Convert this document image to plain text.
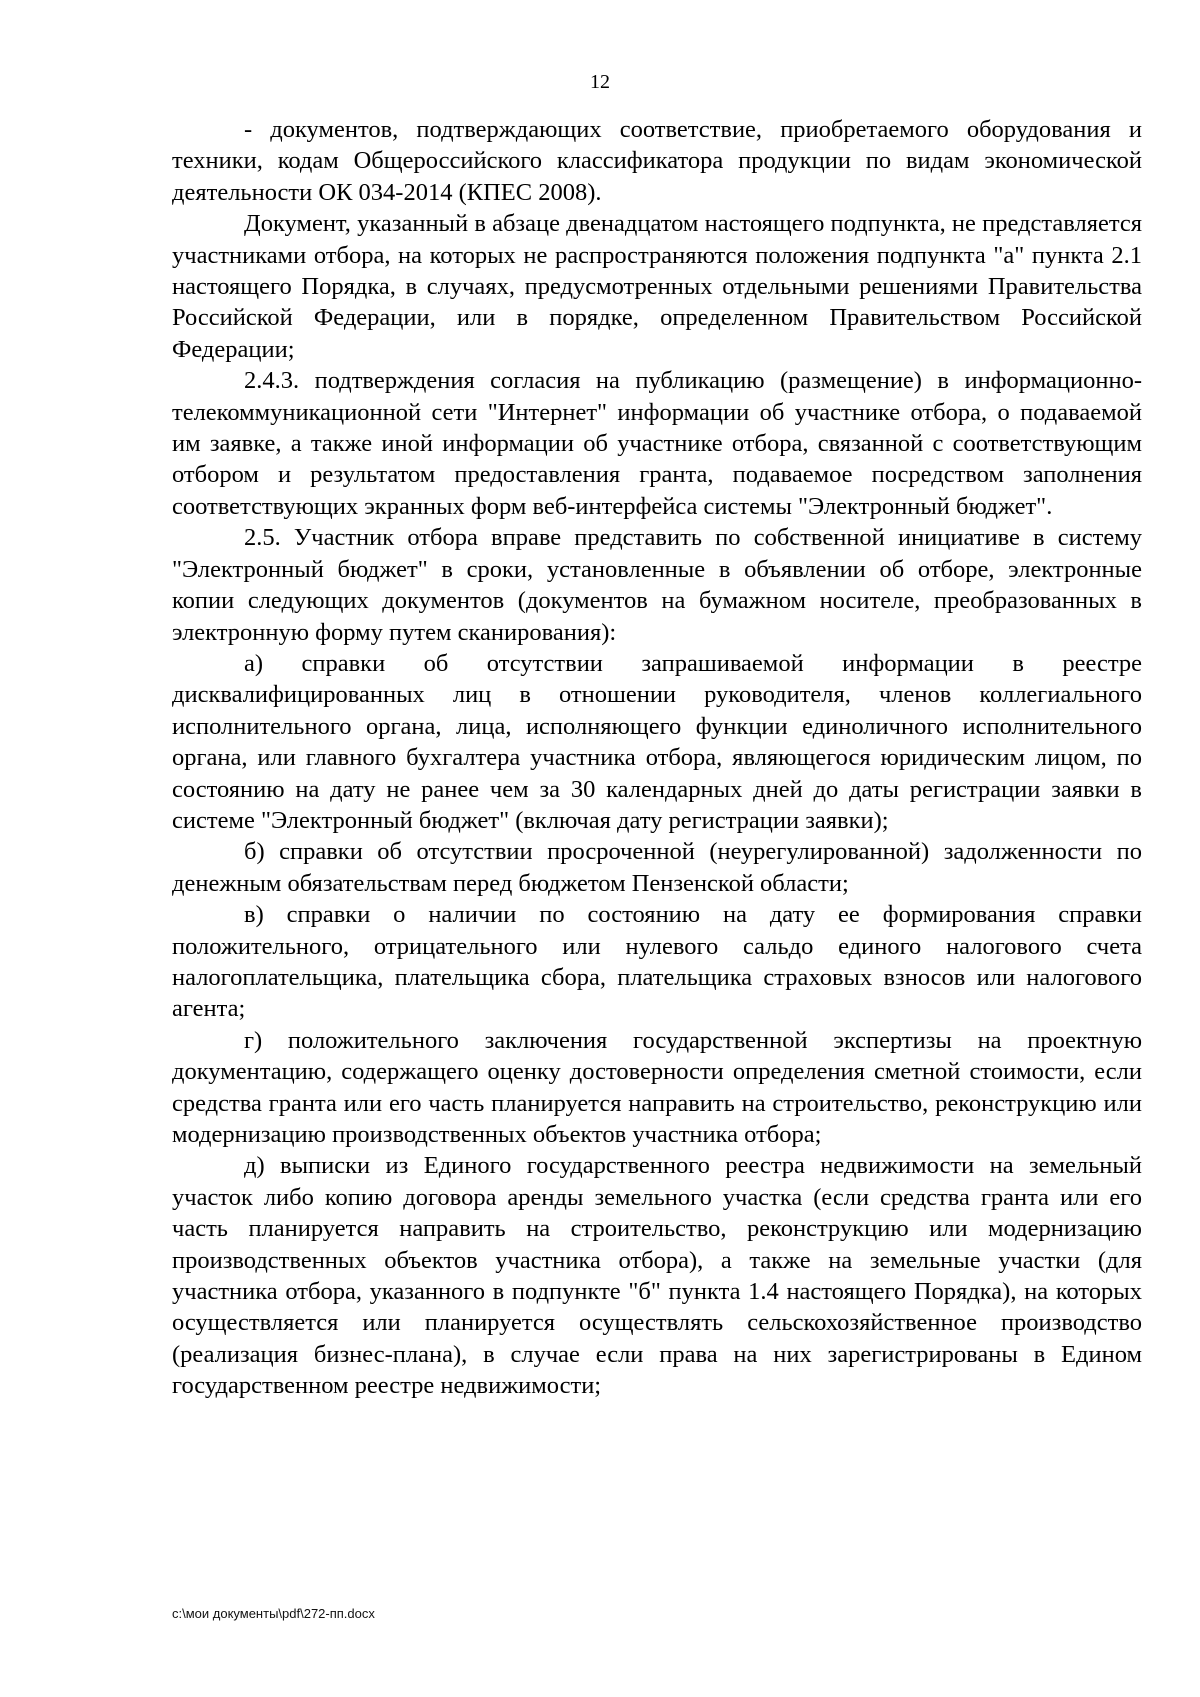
12

- документов, подтверждающих соответствие, приобретаемого оборудования и техники, кодам Общероссийского классификатора продукции по видам экономической деятельности ОК 034-2014 (КПЕС 2008).

Документ, указанный в абзаце двенадцатом настоящего подпункта, не представляется участниками отбора, на которых не распространяются положения подпункта "а" пункта 2.1 настоящего Порядка, в случаях, предусмотренных отдельными решениями Правительства Российской Федерации, или в порядке, определенном Правительством Российской Федерации;

2.4.3. подтверждения согласия на публикацию (размещение) в информационно-телекоммуникационной сети "Интернет" информации об участнике отбора, о подаваемой им заявке, а также иной информации об участнике отбора, связанной с соответствующим отбором и результатом предоставления гранта, подаваемое посредством заполнения соответствующих экранных форм веб-интерфейса системы "Электронный бюджет".

2.5. Участник отбора вправе представить по собственной инициативе в систему "Электронный бюджет" в сроки, установленные в объявлении об отборе, электронные копии следующих документов (документов на бумажном носителе, преобразованных в электронную форму путем сканирования):

а) справки об отсутствии запрашиваемой информации в реестре дисквалифицированных лиц в отношении руководителя, членов коллегиального исполнительного органа, лица, исполняющего функции единоличного исполнительного органа, или главного бухгалтера участника отбора, являющегося юридическим лицом, по состоянию на дату не ранее чем за 30 календарных дней до даты регистрации заявки в системе "Электронный бюджет" (включая дату регистрации заявки);

б) справки об отсутствии просроченной (неурегулированной) задолженности по денежным обязательствам перед бюджетом Пензенской области;

в) справки о наличии по состоянию на дату ее формирования справки положительного, отрицательного или нулевого сальдо единого налогового счета налогоплательщика, плательщика сбора, плательщика страховых взносов или налогового агента;

г) положительного заключения государственной экспертизы на проектную документацию, содержащего оценку достоверности определения сметной стоимости, если средства гранта или его часть планируется направить на строительство, реконструкцию или модернизацию производственных объектов участника отбора;

д) выписки из Единого государственного реестра недвижимости на земельный участок либо копию договора аренды земельного участка (если средства гранта или его часть планируется направить на строительство, реконструкцию или модернизацию производственных объектов участника отбора), а также на земельные участки (для участника отбора, указанного в подпункте "б" пункта 1.4 настоящего Порядка), на которых осуществляется или планируется осуществлять сельскохозяйственное производство (реализация бизнес-плана), в случае если права на них зарегистрированы в Едином государственном реестре недвижимости;

c:\мои документы\pdf\272-пп.docx
